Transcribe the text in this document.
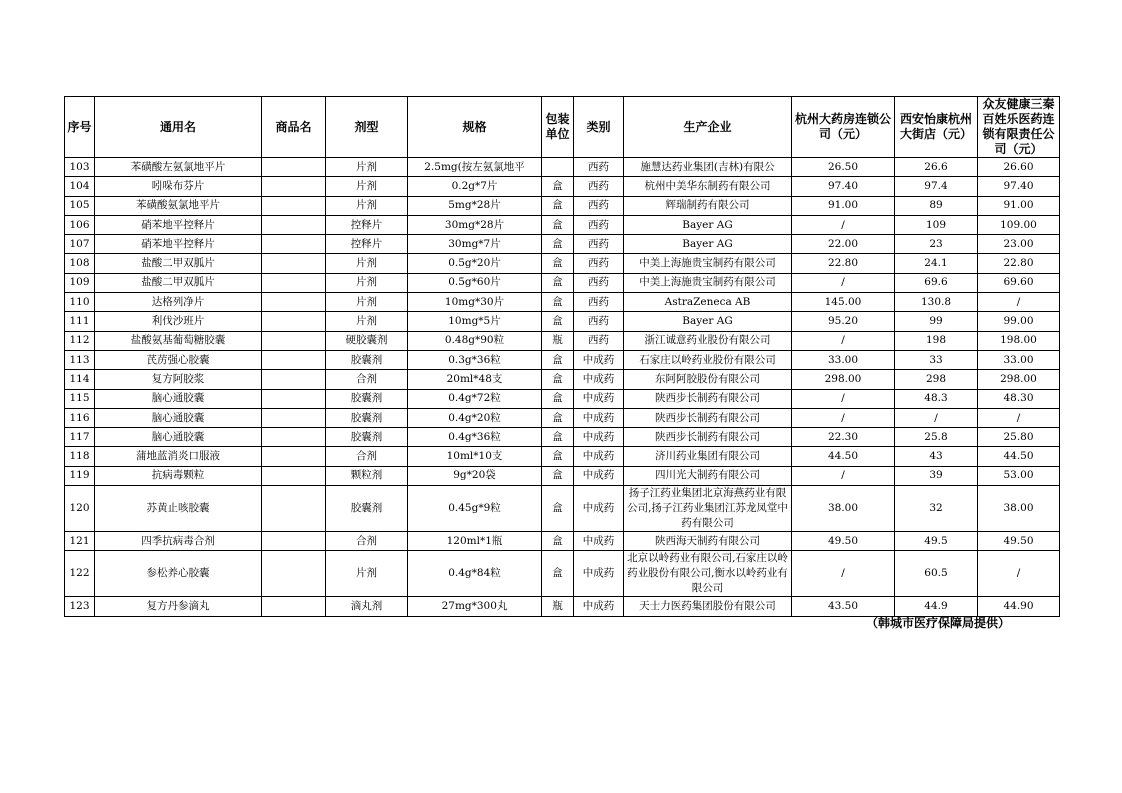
序号	通用名	商品名	剂型	规格	包装单位	类别	生产企业	杭州大药房连锁公司（元）	西安怡康杭州大街店（元）	众友健康三秦百姓乐医药连锁有限责任公司（元）
103	苯磺酸左氨氯地平片		片剂	2.5mg(按左氨氯地平		西药	施慧达药业集团(吉林)有限公	26.50	26.6	26.60
104	吲哚布芬片		片剂	0.2g*7片	盒	西药	杭州中美华东制药有限公司	97.40	97.4	97.40
105	苯磺酸氨氯地平片		片剂	5mg*28片	盒	西药	辉瑞制药有限公司	91.00	89	91.00
106	硝苯地平控释片		控释片	30mg*28片	盒	西药	Bayer AG	/	109	109.00
107	硝苯地平控释片		控释片	30mg*7片	盒	西药	Bayer AG	22.00	23	23.00
108	盐酸二甲双胍片		片剂	0.5g*20片	盒	西药	中美上海施贵宝制药有限公司	22.80	24.1	22.80
109	盐酸二甲双胍片		片剂	0.5g*60片	盒	西药	中美上海施贵宝制药有限公司	/	69.6	69.60
110	达格列净片		片剂	10mg*30片	盒	西药	AstraZeneca AB	145.00	130.8	/
111	利伐沙班片		片剂	10mg*5片	盒	西药	Bayer AG	95.20	99	99.00
112	盐酸氨基葡萄糖胶囊		硬胶囊剂	0.48g*90粒	瓶	西药	浙江诚意药业股份有限公司	/	198	198.00
113	芪苈强心胶囊		胶囊剂	0.3g*36粒	盒	中成药	石家庄以岭药业股份有限公司	33.00	33	33.00
114	复方阿胶浆		合剂	20ml*48支	盒	中成药	东阿阿胶股份有限公司	298.00	298	298.00
115	脑心通胶囊		胶囊剂	0.4g*72粒	盒	中成药	陕西步长制药有限公司	/	48.3	48.30
116	脑心通胶囊		胶囊剂	0.4g*20粒	盒	中成药	陕西步长制药有限公司	/	/	/
117	脑心通胶囊		胶囊剂	0.4g*36粒	盒	中成药	陕西步长制药有限公司	22.30	25.8	25.80
118	蒲地蓝消炎口服液		合剂	10ml*10支	盒	中成药	济川药业集团有限公司	44.50	43	44.50
119	抗病毒颗粒		颗粒剂	9g*20袋	盒	中成药	四川光大制药有限公司	/	39	53.00
120	苏黄止咳胶囊		胶囊剂	0.45g*9粒	盒	中成药	扬子江药业集团北京海燕药业有限公司,扬子江药业集团江苏龙凤堂中药有限公司	38.00	32	38.00
121	四季抗病毒合剂		合剂	120ml*1瓶	盒	中成药	陕西海天制药有限公司	49.50	49.5	49.50
122	参松养心胶囊		片剂	0.4g*84粒	盒	中成药	北京以岭药业有限公司,石家庄以岭药业股份有限公司,衡水以岭药业有限公司	/	60.5	/
123	复方丹参滴丸		滴丸剂	27mg*300丸	瓶	中成药	天士力医药集团股份有限公司	43.50	44.9	44.90
（韩城市医疗保障局提供）
